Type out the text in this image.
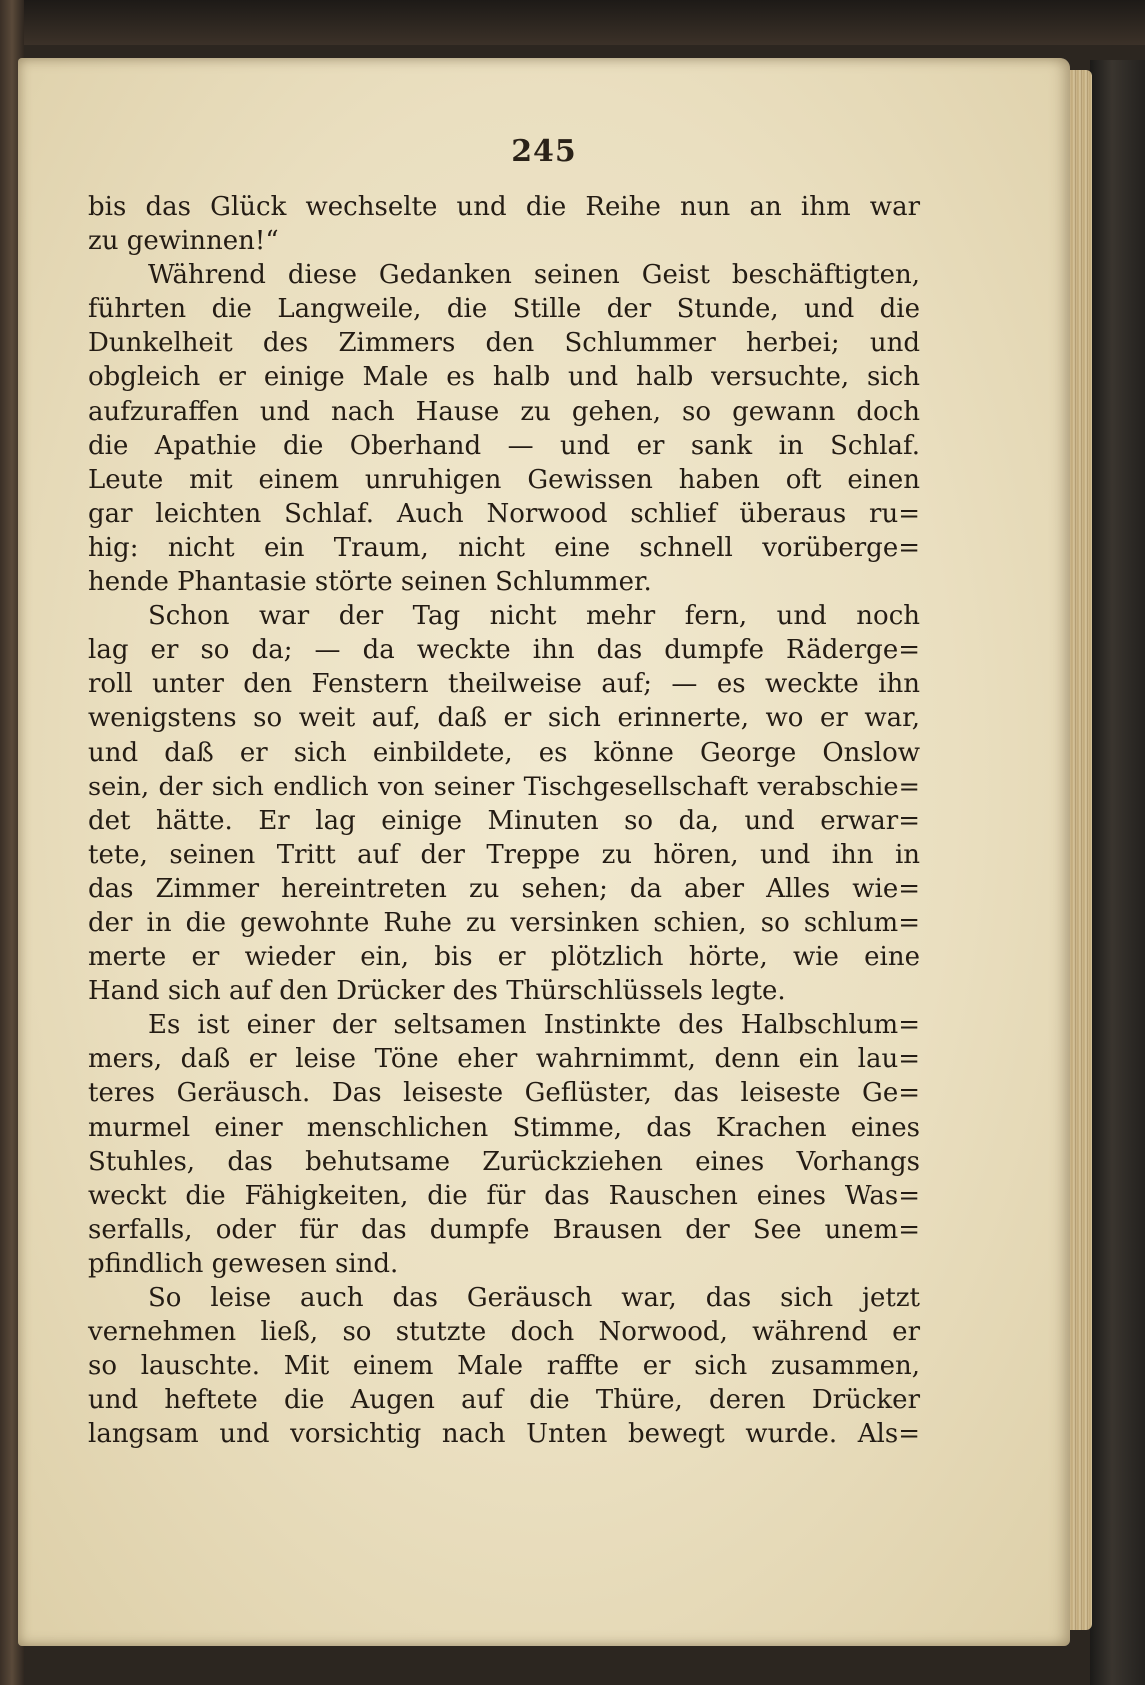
245
bis das Glück wechselte und die Reihe nun an ihm war
zu gewinnen!“
Während diese Gedanken seinen Geist beschäftigten,
führten die Langweile, die Stille der Stunde, und die
Dunkelheit des Zimmers den Schlummer herbei; und
obgleich er einige Male es halb und halb versuchte, sich
aufzuraffen und nach Hause zu gehen, so gewann doch
die Apathie die Oberhand — und er sank in Schlaf.
Leute mit einem unruhigen Gewissen haben oft einen
gar leichten Schlaf. Auch Norwood schlief überaus ru=
hig: nicht ein Traum, nicht eine schnell vorüberge=
hende Phantasie störte seinen Schlummer.
Schon war der Tag nicht mehr fern, und noch
lag er so da; — da weckte ihn das dumpfe Räderge=
roll unter den Fenstern theilweise auf; — es weckte ihn
wenigstens so weit auf, daß er sich erinnerte, wo er war,
und daß er sich einbildete, es könne George Onslow
sein, der sich endlich von seiner Tischgesellschaft verabschie=
det hätte. Er lag einige Minuten so da, und erwar=
tete, seinen Tritt auf der Treppe zu hören, und ihn in
das Zimmer hereintreten zu sehen; da aber Alles wie=
der in die gewohnte Ruhe zu versinken schien, so schlum=
merte er wieder ein, bis er plötzlich hörte, wie eine
Hand sich auf den Drücker des Thürschlüssels legte.
Es ist einer der seltsamen Instinkte des Halbschlum=
mers, daß er leise Töne eher wahrnimmt, denn ein lau=
teres Geräusch. Das leiseste Geflüster, das leiseste Ge=
murmel einer menschlichen Stimme, das Krachen eines
Stuhles, das behutsame Zurückziehen eines Vorhangs
weckt die Fähigkeiten, die für das Rauschen eines Was=
serfalls, oder für das dumpfe Brausen der See unem=
pfindlich gewesen sind.
So leise auch das Geräusch war, das sich jetzt
vernehmen ließ, so stutzte doch Norwood, während er
so lauschte. Mit einem Male raffte er sich zusammen,
und heftete die Augen auf die Thüre, deren Drücker
langsam und vorsichtig nach Unten bewegt wurde. Als=
